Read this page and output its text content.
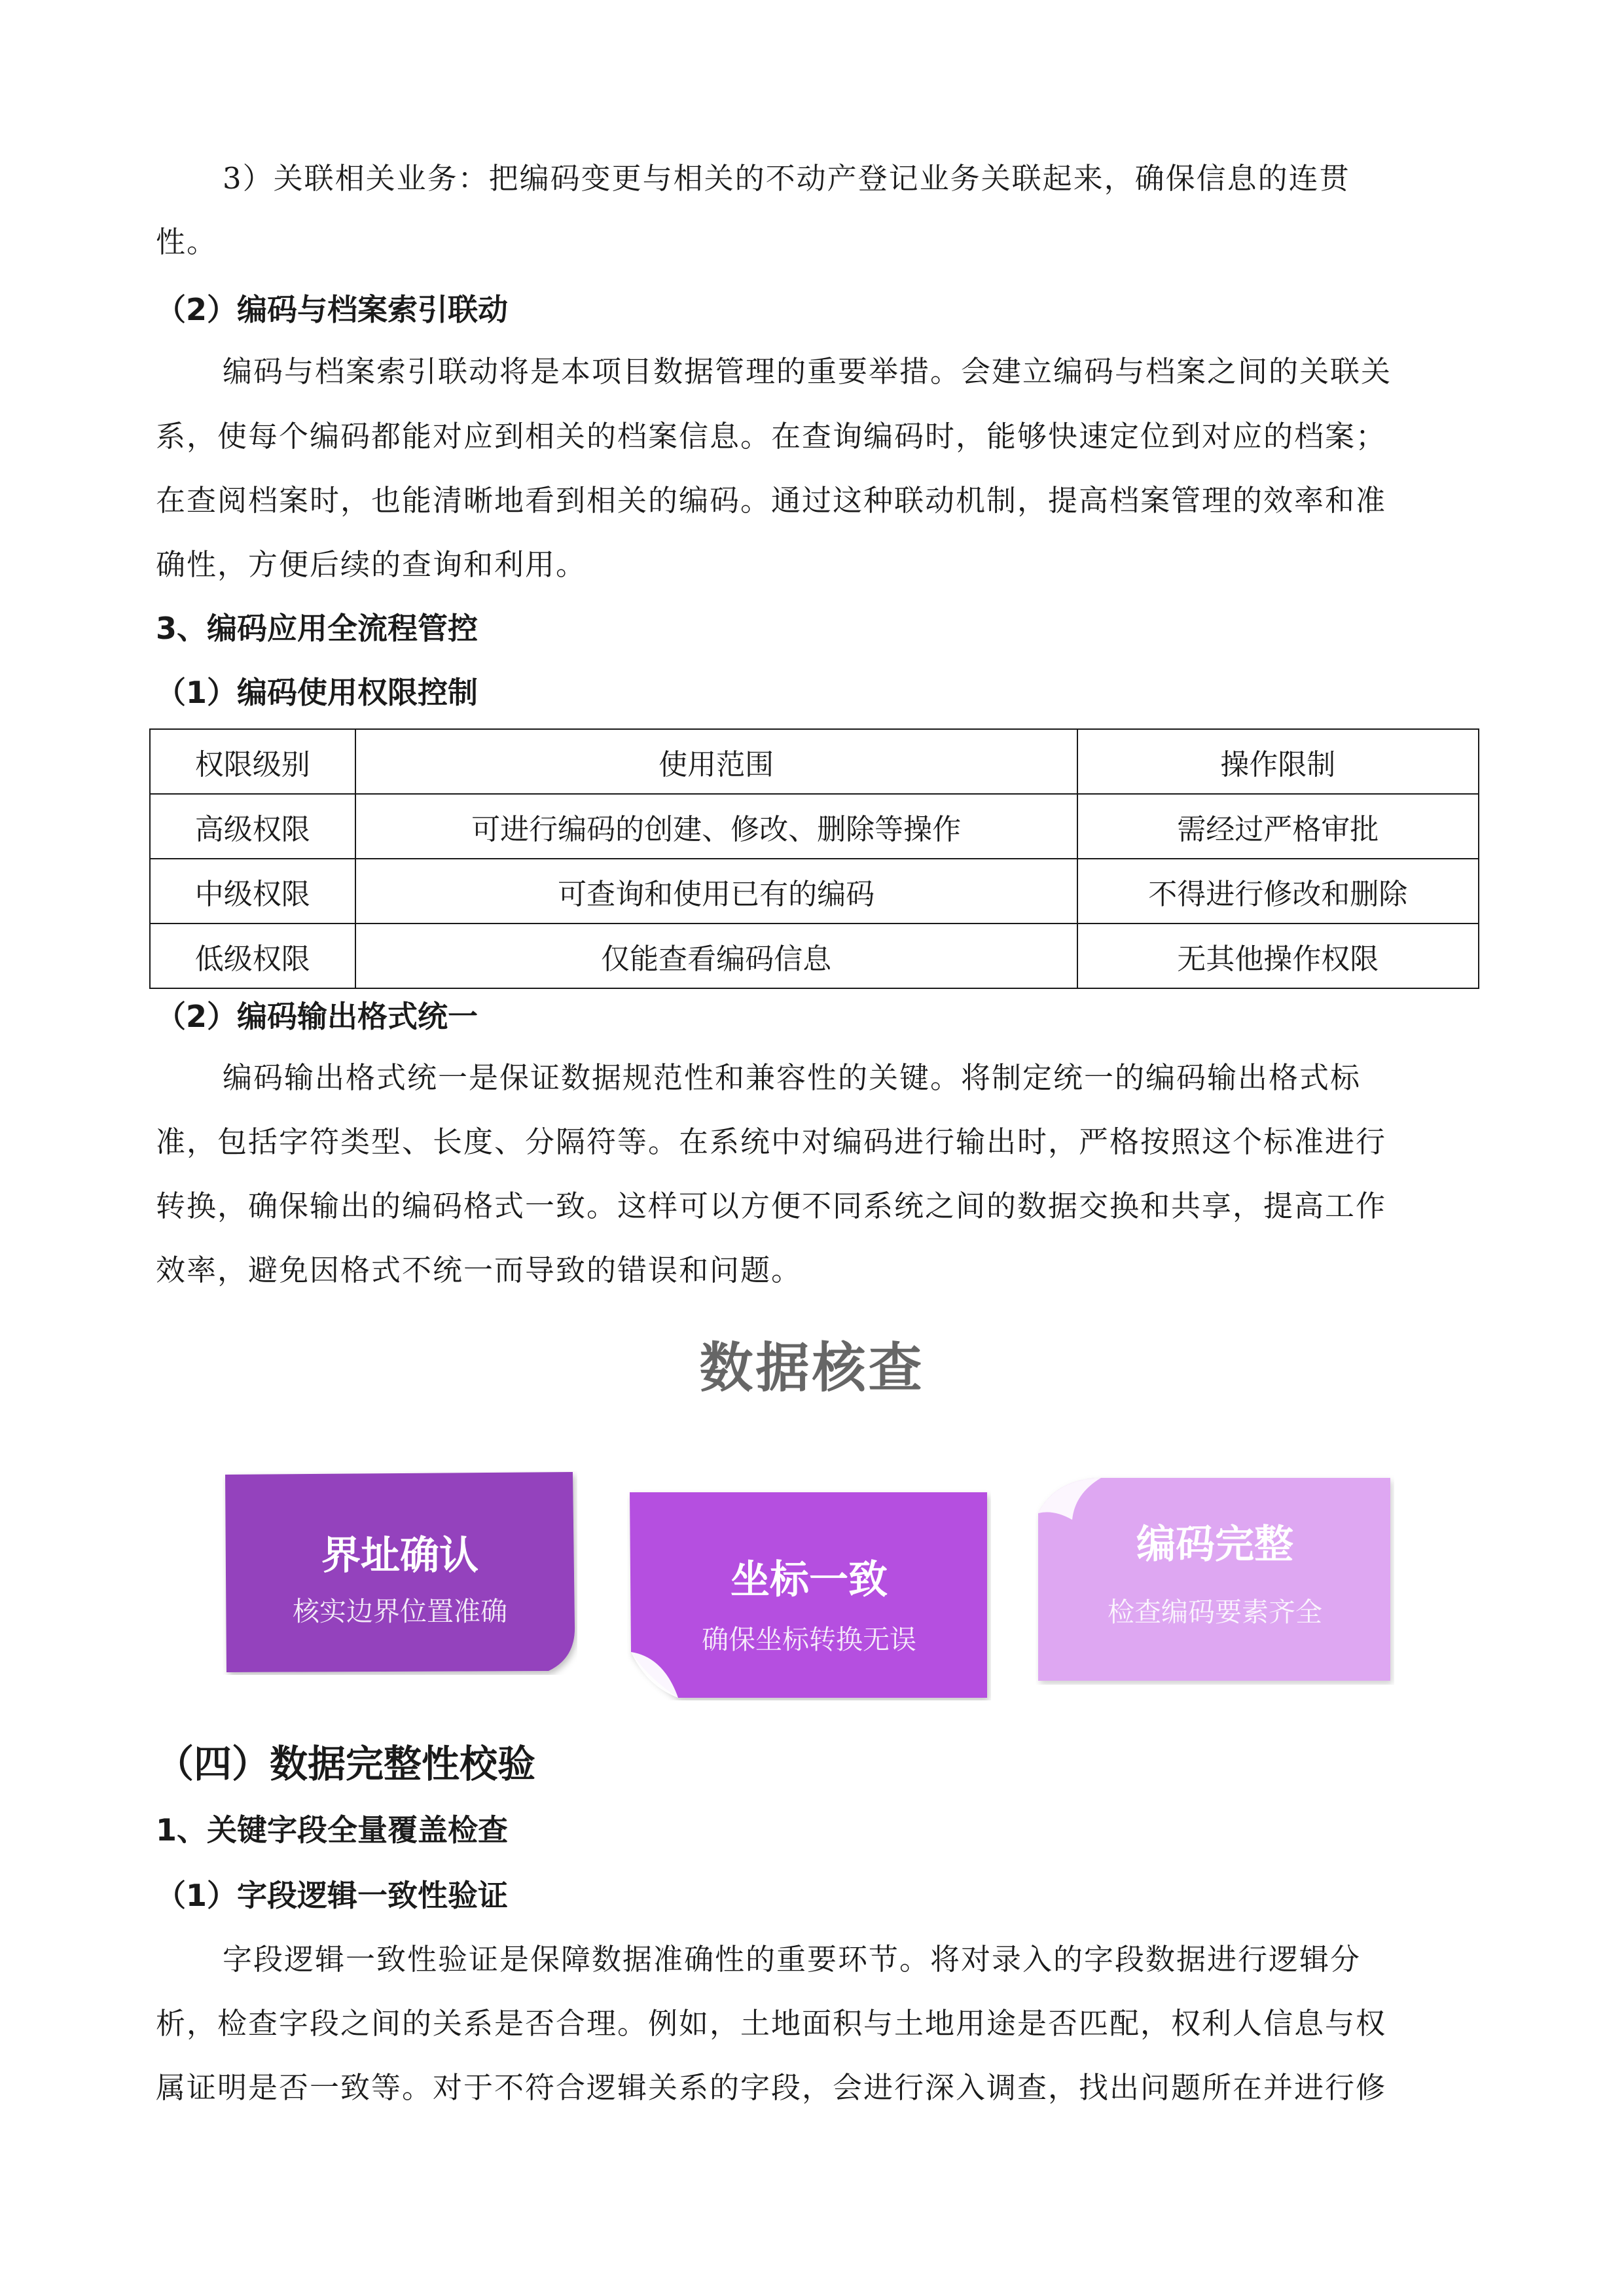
3）关联相关业务：把编码变更与相关的不动产登记业务关联起来，确保信息的连贯
性。
（2）编码与档案索引联动
编码与档案索引联动将是本项目数据管理的重要举措。会建立编码与档案之间的关联关
系，使每个编码都能对应到相关的档案信息。在查询编码时，能够快速定位到对应的档案；
在查阅档案时，也能清晰地看到相关的编码。通过这种联动机制，提高档案管理的效率和准
确性，方便后续的查询和利用。
3、编码应用全流程管控
（1）编码使用权限控制
权限级别	使用范围	操作限制
高级权限	可进行编码的创建、修改、删除等操作	需经过严格审批
中级权限	可查询和使用已有的编码	不得进行修改和删除
低级权限	仅能查看编码信息	无其他操作权限
（2）编码输出格式统一
编码输出格式统一是保证数据规范性和兼容性的关键。将制定统一的编码输出格式标
准，包括字符类型、长度、分隔符等。在系统中对编码进行输出时，严格按照这个标准进行
转换，确保输出的编码格式一致。这样可以方便不同系统之间的数据交换和共享，提高工作
效率，避免因格式不统一而导致的错误和问题。
数据核查
界址确认
核实边界位置准确
坐标一致
确保坐标转换无误
编码完整
检查编码要素齐全
（四）数据完整性校验
1、关键字段全量覆盖检查
（1）字段逻辑一致性验证
字段逻辑一致性验证是保障数据准确性的重要环节。将对录入的字段数据进行逻辑分
析，检查字段之间的关系是否合理。例如，土地面积与土地用途是否匹配，权利人信息与权
属证明是否一致等。对于不符合逻辑关系的字段，会进行深入调查，找出问题所在并进行修
